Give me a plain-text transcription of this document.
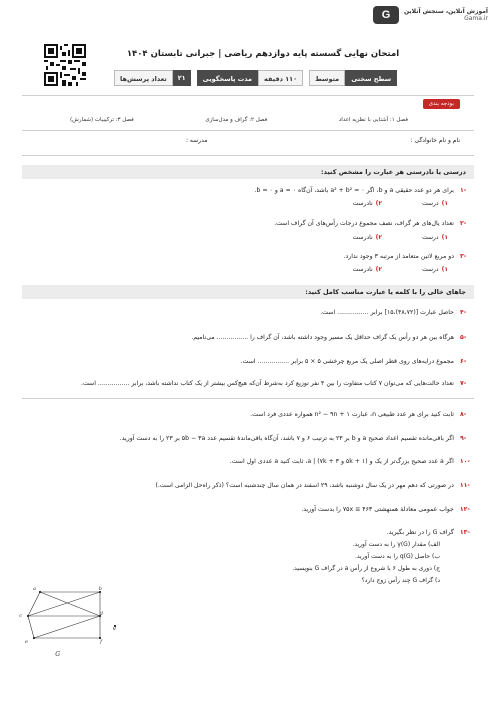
آموزش آنلاین، سنجش آنلاین
Gama.ir
G
امتحان نهایی گسسته پایه دوازدهم ریاضی | جبرانی تابستان ۱۴۰۴
سطح سختی
متوسط
۱۱۰ دقیقه
مدت پاسخگویی
۲۱
تعداد پرسش‌ها
بودجه بندی
فصل ۱: آشنایی با نظریه اعداد
فصل ۲: گراف و مدل‌سازی
فصل ۳: ترکیبیات (شمارش)
نام و نام خانوادگی :
مدرسه :
درستی یا نادرستی هر عبارت را مشخص کنید:
-۱
برای هر دو عدد حقیقی a و b، اگر a² + b² = ۰ باشد، آن‌گاه a = ۰ و b = ۰.
۱)درست
۲)نادرست
-۲
تعداد یال‌های هر گراف، نصف مجموع درجات رأس‌های آن گراف است.
۱)درست
۲)نادرست
-۳
دو مربع لاتین متعامد از مرتبه ۳ وجود ندارد.
۱)درست
۲)نادرست
جاهای خالی را با کلمه یا عبارت مناسب کامل کنید:
-۴
حاصل عبارت [(۴۸،۷۲)،۱۵] برابر ................ است.
-۵
هرگاه بین هر دو رأس یک گراف حداقل یک مسیر وجود داشته باشد، آن گراف را ................ می‌نامیم.
-۶
مجموع درایه‌های روی قطر اصلی یک مربع چرخشی ۵ × ۵ برابر ................ است.
-۷
تعداد حالت‌هایی که می‌توان ۷ کتاب متفاوت را بین ۴ نفر توزیع کرد به‌شرط آن‌که هیچ‌کس بیشتر از یک کتاب نداشته باشد، برابر ................ است.
-۸
ثابت کنید برای هر عدد طبیعی n، عبارت n² − ۹n + ۱ همواره عددی فرد است.
-۹
اگر باقی‌مانده تقسیم اعداد صحیح a و b بر ۲۳ به ترتیب ۶ و ۷ باشد، آن‌گاه باقی‌ماندهٔ تقسیم عدد ۵b − ۳a بر ۲۳ را به دست آورید.
-۱۰
اگر a عدد صحیح بزرگ‌تر از یک و (۵k + ۱ و ۷k + ۳) | a، ثابت کنید a عددی اول است.
-۱۱
در صورتی که دهم مهر در یک سال دوشنبه باشد، ۲۹ اسفند در همان سال چندشنبه است؟ (ذکر راه‌حل الزامی است.)
-۱۲
جواب عمومی معادلهٔ همنهشتی ۷۵x ≡ ۴۶۳ را بدست آورید.
-۱۳
گراف G را در نظر بگیرید.
الف) مقدار γ(G) را به دست آورید.
ب) حاصل (G)‏q را به دست آورید.
ج) دوری به طول ۶ با شروع از رأس a در گراف G بنویسید.
د) گراف G چند رأس زوج دارد؟
a	b
c	d
e	f
g
G
